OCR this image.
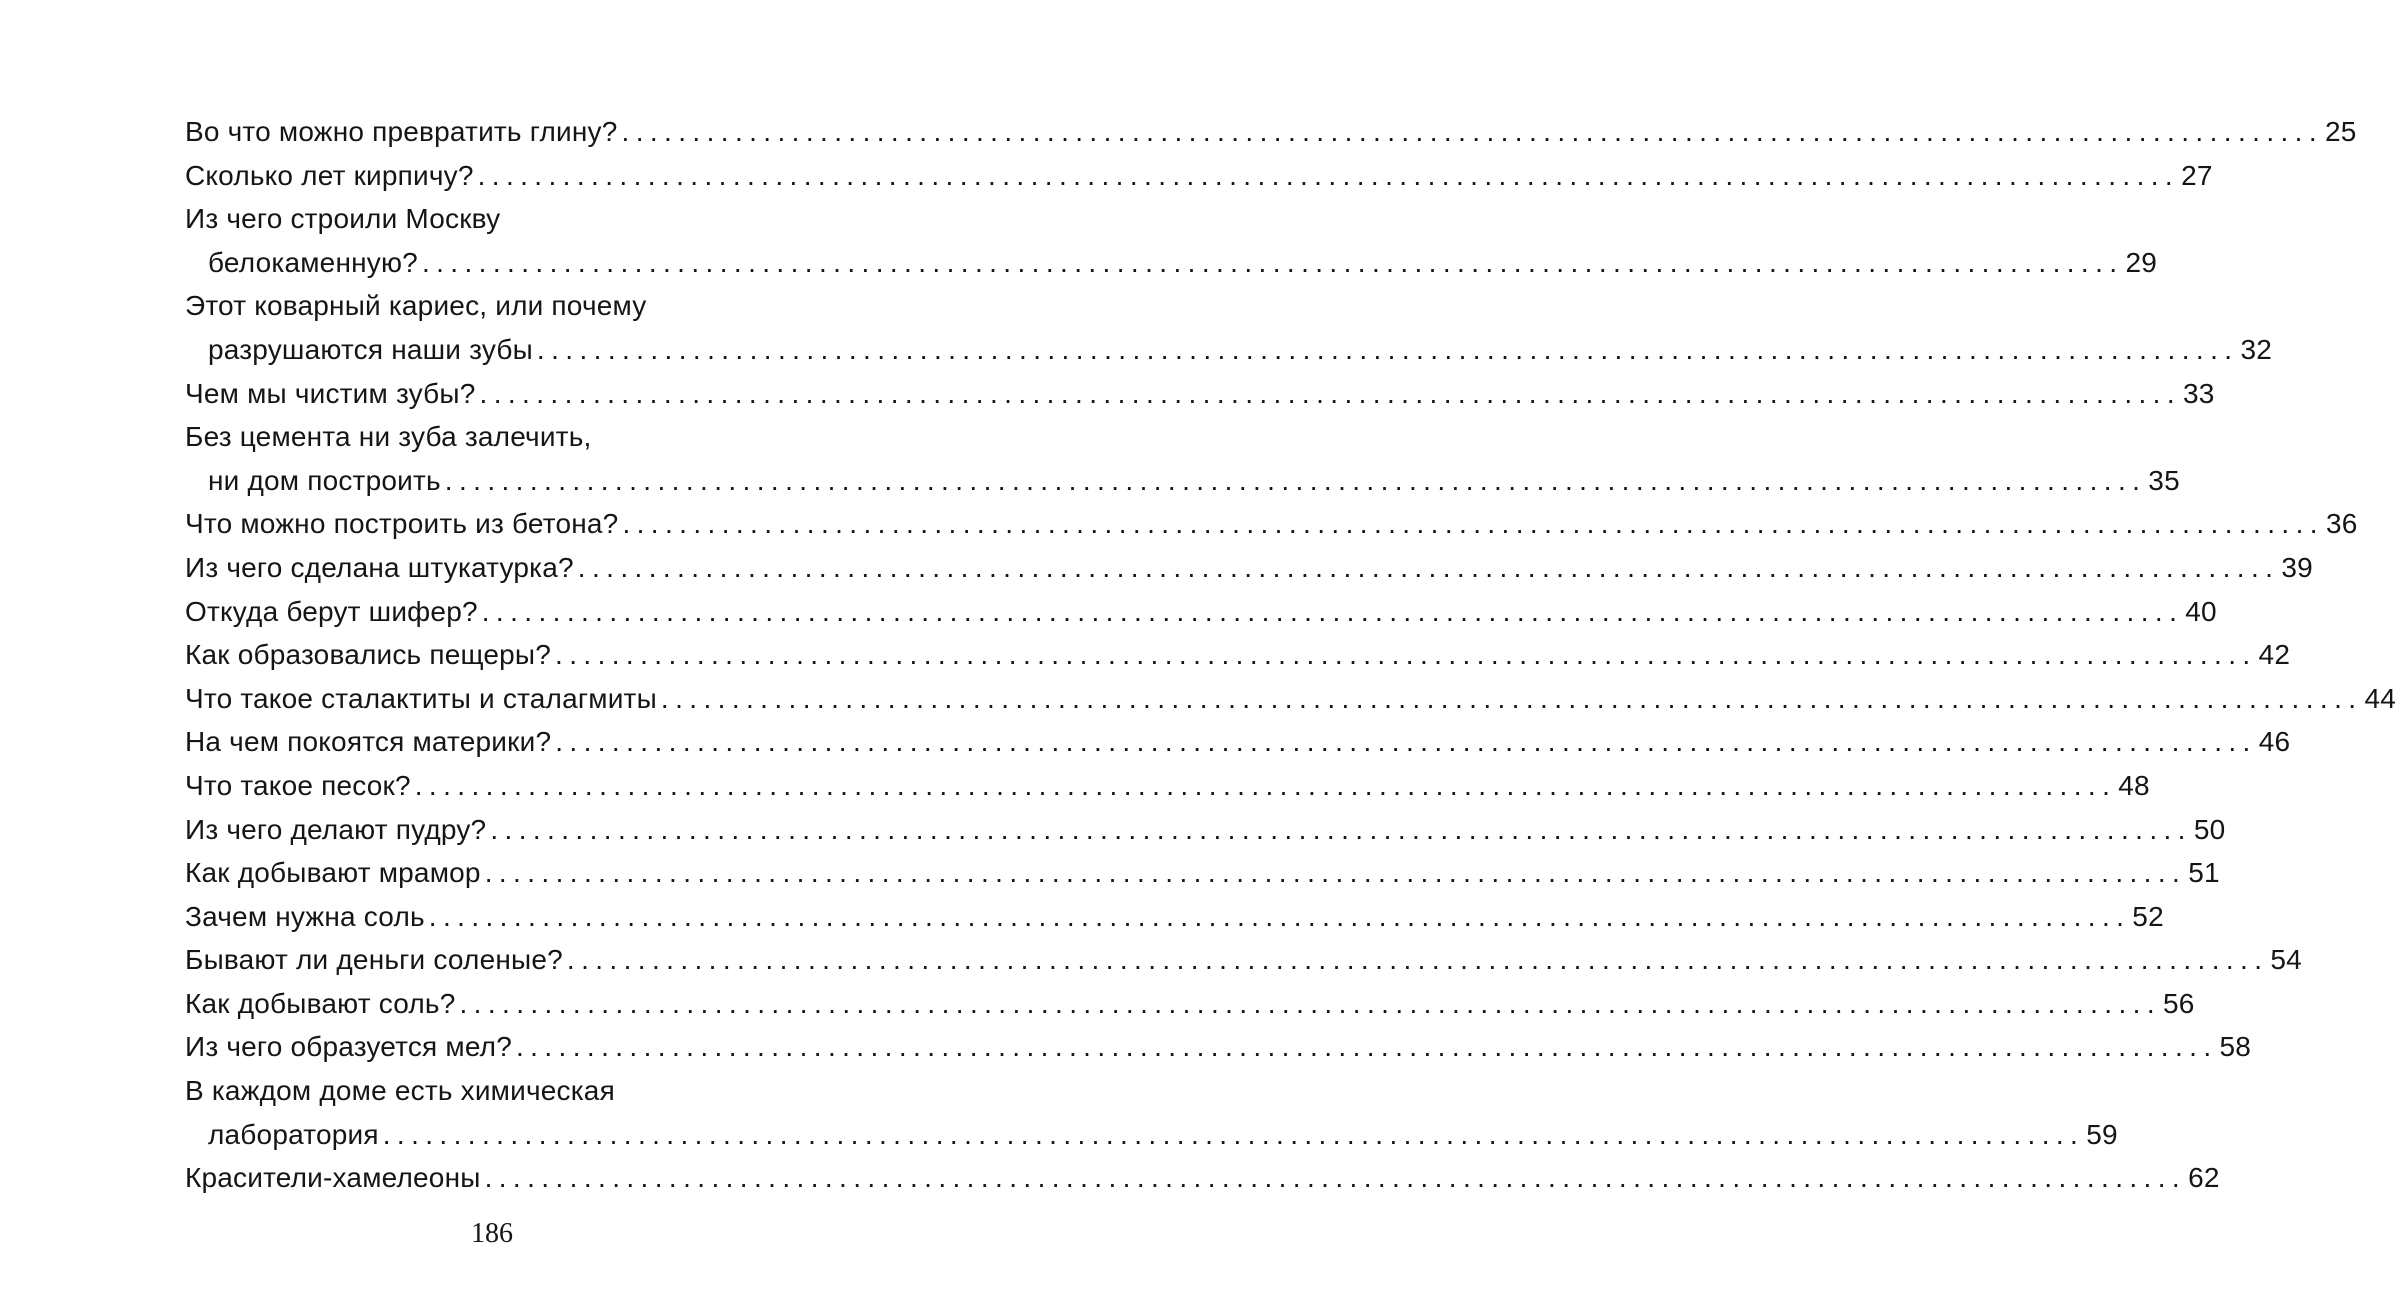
Во что можно превратить глину? ........................................................................................................................ 25
Сколько лет кирпичу? ........................................................................................................................ 27
Из чего строили Москву
белокаменную? ........................................................................................................................ 29
Этот коварный кариес, или почему
разрушаются наши зубы ........................................................................................................................ 32
Чем мы чистим зубы? ........................................................................................................................ 33
Без цемента ни зуба залечить,
ни дом построить ........................................................................................................................ 35
Что можно построить из бетона? ........................................................................................................................ 36
Из чего сделана штукатурка? ........................................................................................................................ 39
Откуда берут шифер? ........................................................................................................................ 40
Как образовались пещеры? ........................................................................................................................ 42
Что такое сталактиты и сталагмиты ........................................................................................................................ 44
На чем покоятся материки? ........................................................................................................................ 46
Что такое песок? ........................................................................................................................ 48
Из чего делают пудру? ........................................................................................................................ 50
Как добывают мрамор ........................................................................................................................ 51
Зачем нужна соль ........................................................................................................................ 52
Бывают ли деньги соленые? ........................................................................................................................ 54
Как добывают соль? ........................................................................................................................ 56
Из чего образуется мел? ........................................................................................................................ 58
В каждом доме есть химическая
лаборатория ........................................................................................................................ 59
Красители-хамелеоны ........................................................................................................................ 62
186
